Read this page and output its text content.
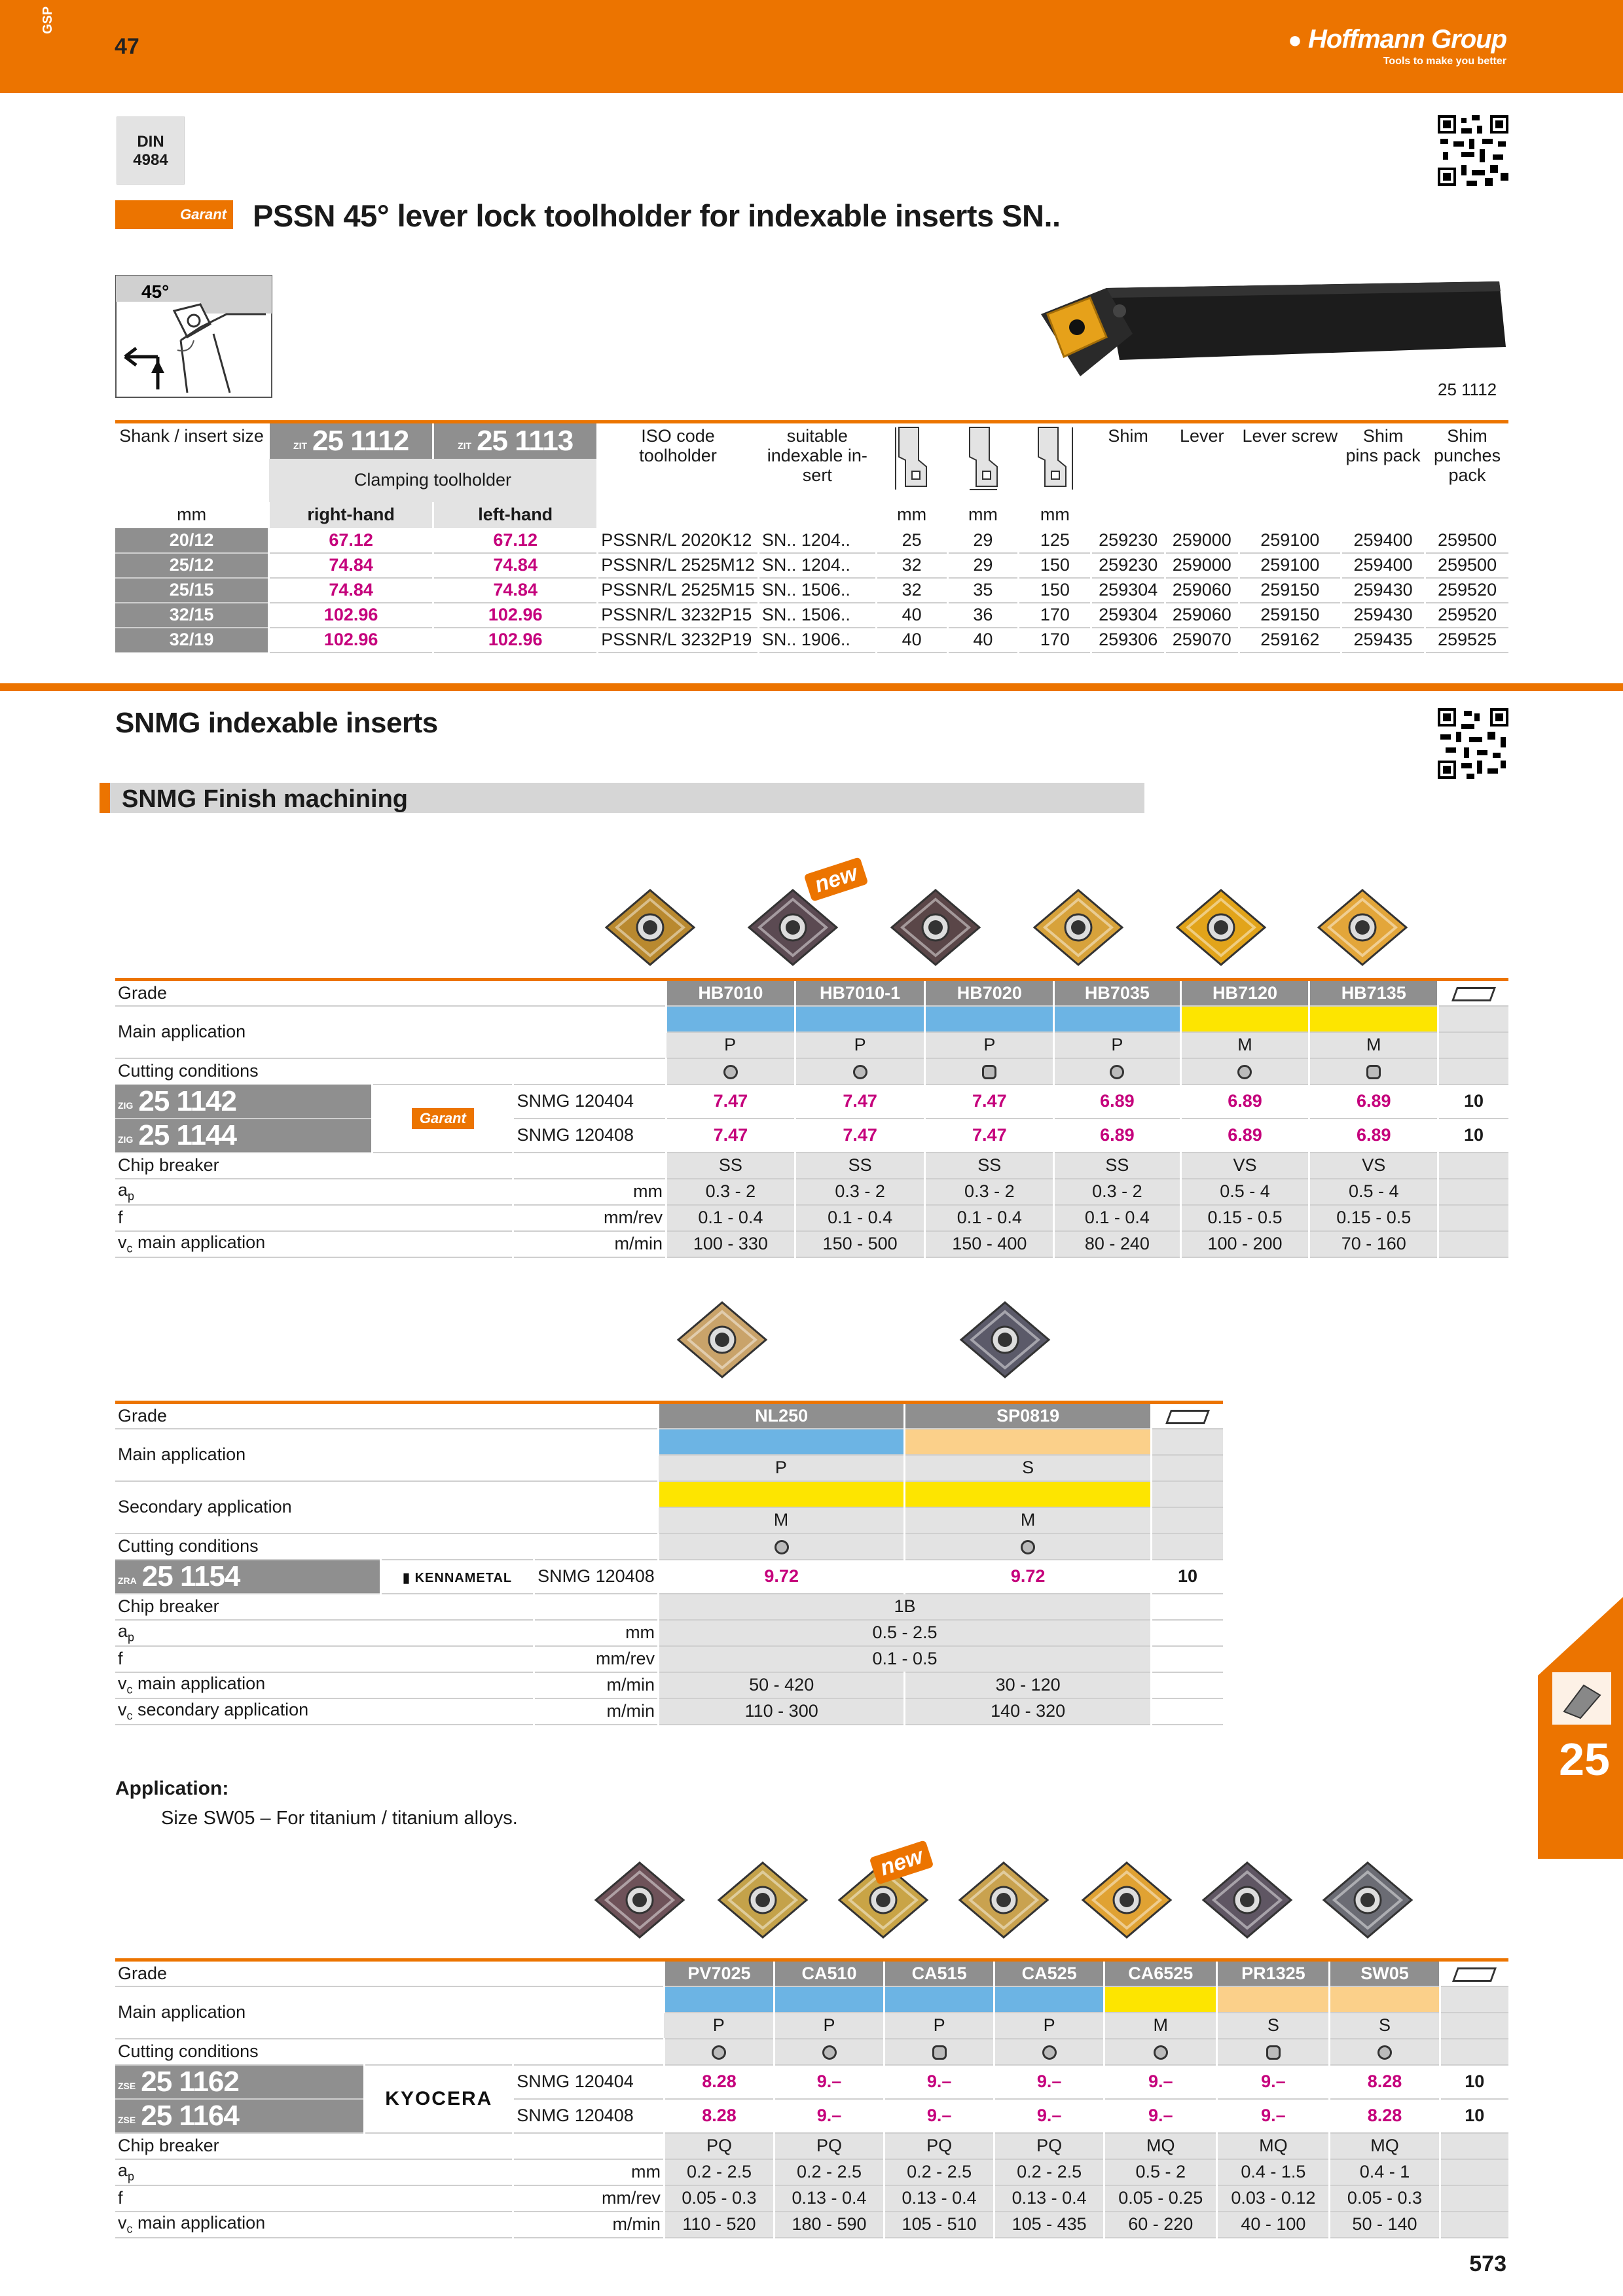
GSP
47	●​ Hoffmann Group
Tools to make you better
DIN
4984
Garant PSSN 45° lever lock toolholder for indexable inserts SN..
45°
25 1112
Shank / insert size	ZIT 25 1112	ZIT 25 1113	ISO code toolholder	suitable indexable in-sert				Shim	Lever	Lever screw	Shim pins pack	Shim punches pack
	Clamping toolholder											
mm	right-hand	left-hand			mm	mm	mm					
20/12	67.12	67.12	PSSNR/L 2020K12	SN.. 1204..	25	29	125	259230	259000	259100	259400	259500
25/12	74.84	74.84	PSSNR/L 2525M12	SN.. 1204..	32	29	150	259230	259000	259100	259400	259500
25/15	74.84	74.84	PSSNR/L 2525M15	SN.. 1506..	32	35	150	259304	259060	259150	259430	259520
32/15	102.96	102.96	PSSNR/L 3232P15	SN.. 1506..	40	36	170	259304	259060	259150	259430	259520
32/19	102.96	102.96	PSSNR/L 3232P19	SN.. 1906..	40	40	170	259306	259070	259162	259435	259525
SNMG indexable inserts
SNMG Finish machining
new
Grade			HB7010	HB7010-1	HB7020	HB7035	HB7120	HB7135	
Main application									
			P	P	P	P	M	M	
Cutting conditions									
ZIG 25 1142	Garant	SNMG 120404	7.47	7.47	7.47	6.89	6.89	6.89	10
ZIG 25 1144		SNMG 120408	7.47	7.47	7.47	6.89	6.89	6.89	10
Chip breaker			SS	SS	SS	SS	VS	VS	
$a_p$		mm	0.3 - 2	0.3 - 2	0.3 - 2	0.3 - 2	0.5 - 4	0.5 - 4	
f		mm/rev	0.1 - 0.4	0.1 - 0.4	0.1 - 0.4	0.1 - 0.4	0.15 - 0.5	0.15 - 0.5	
$v_c$ main application		m/min	100 - 330	150 - 500	150 - 400	80 - 240	100 - 200	70 - 160	
Grade			NL250	SP0819	
Main application					
			P	S	
Secondary application					
			M	M	
Cutting conditions					
ZRA 25 1154	▮ KENNAMETAL	SNMG 120408	9.72	9.72	10
Chip breaker			1B		
$a_p$		mm	0.5 - 2.5		
f		mm/rev	0.1 - 0.5		
$v_c$ main application		m/min	50 - 420	30 - 120	
$v_c$ secondary application		m/min	110 - 300	140 - 320	
Application:
Size SW05 – For titanium / titanium alloys.
new
Grade			PV7025	CA510	CA515	CA525	CA6525	PR1325	SW05	
Main application										
			P	P	P	P	M	S	S	
Cutting conditions										
ZSE 25 1162	KYOCERA	SNMG 120404	8.28	9.–	9.–	9.–	9.–	9.–	8.28	10
ZSE 25 1164		SNMG 120408	8.28	9.–	9.–	9.–	9.–	9.–	8.28	10
Chip breaker			PQ	PQ	PQ	PQ	MQ	MQ	MQ	
$a_p$		mm	0.2 - 2.5	0.2 - 2.5	0.2 - 2.5	0.2 - 2.5	0.5 - 2	0.4 - 1.5	0.4 - 1	
f		mm/rev	0.05 - 0.3	0.13 - 0.4	0.13 - 0.4	0.13 - 0.4	0.05 - 0.25	0.03 - 0.12	0.05 - 0.3	
$v_c$ main application		m/min	110 - 520	180 - 590	105 - 510	105 - 435	60 - 220	40 - 100	50 - 140	
25
573
